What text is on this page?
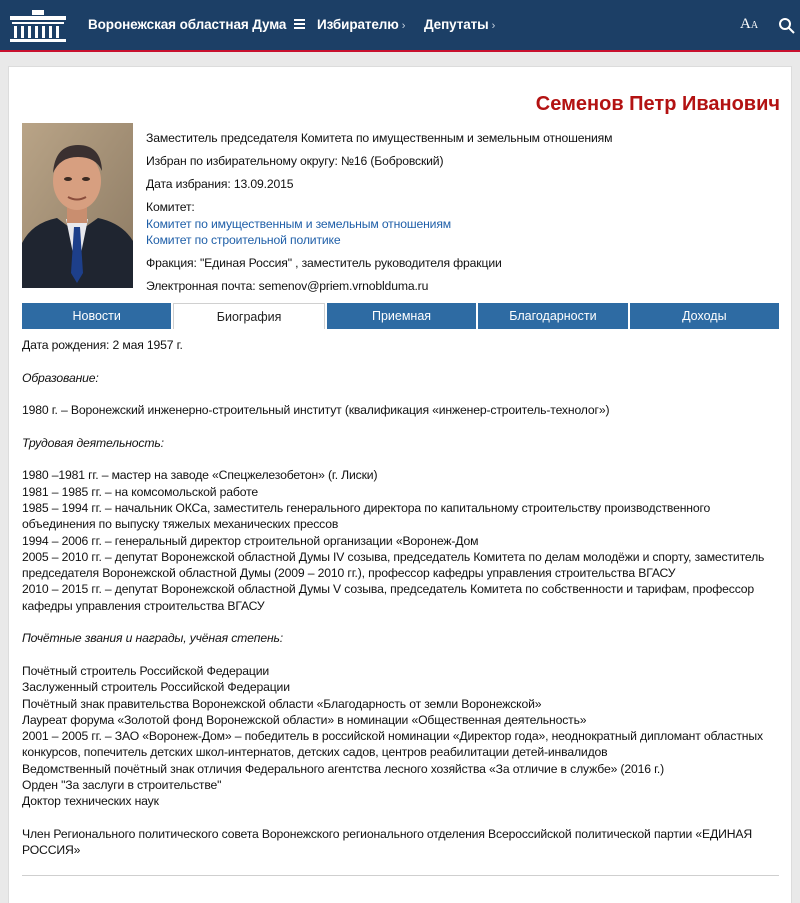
Воронежская областная Дума	Избирателю › Депутаты ›	AA
Семенов Петр Иванович
Заместитель председателя Комитета по имущественным и земельным отношениям
Избран по избирательному округу: №16 (Бобровский)
Дата избрания: 13.09.2015
Комитет:
Комитет по имущественным и земельным отношениям
Комитет по строительной политике
Фракция: "Единая Россия" , заместитель руководителя фракции
Электронная почта: semenov@priem.vrnoblduma.ru
Новости	Биография	Приемная	Благодарности	Доходы

Дата рождения: 2 мая 1957 г.

Образование:

1980 г. – Воронежский инженерно-строительный институт (квалификация «инженер-строитель-технолог»)

Трудовая деятельность:

1980 –1981 гг. – мастер на заводе «Спецжелезобетон» (г. Лиски)

1981 – 1985 гг. – на комсомольской работе

1985 – 1994 гг. – начальник ОКСа, заместитель генерального директора по капитальному строительству производственного объединения по выпуску тяжелых механических прессов

1994 – 2006 гг. – генеральный директор строительной организации «Воронеж-Дом

2005 – 2010 гг. – депутат Воронежской областной Думы IV созыва, председатель Комитета по делам молодёжи и спорту, заместитель председателя Воронежской областной Думы (2009 – 2010 гг.), профессор кафедры управления строительства ВГАСУ

2010 – 2015 гг. – депутат Воронежской областной Думы V созыва, председатель Комитета по собственности и тарифам, профессор кафедры управления строительства ВГАСУ

Почётные звания и награды, учёная степень:

Почётный строитель Российской Федерации

Заслуженный строитель Российской Федерации

Почётный знак правительства Воронежской области «Благодарность от земли Воронежской»

Лауреат форума «Золотой фонд Воронежской области» в номинации «Общественная деятельность»

2001 – 2005 гг. – ЗАО «Воронеж-Дом» – победитель в российской номинации «Директор года», неоднократный дипломант областных конкурсов, попечитель детских школ-интернатов, детских садов, центров реабилитации детей-инвалидов

Ведомственный почётный знак отличия Федерального агентства лесного хозяйства «За отличие в службе» (2016 г.)

Орден "За заслуги в строительстве"

Доктор технических наук

Член Регионального политического совета Воронежского регионального отделения Всероссийской политической партии «ЕДИНАЯ РОССИЯ»
